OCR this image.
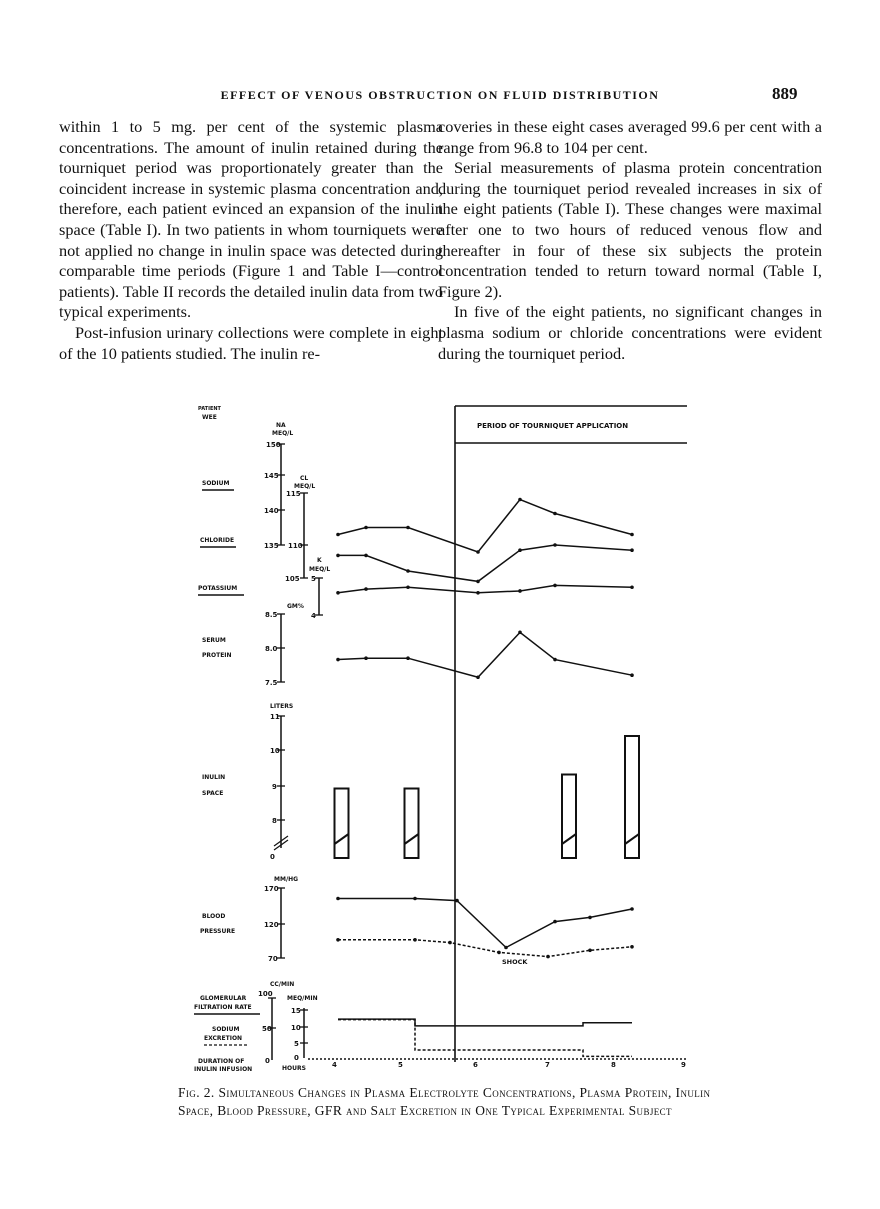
EFFECT OF VENOUS OBSTRUCTION ON FLUID DISTRIBUTION	889

within 1 to 5 mg. per cent of the systemic plasma concentrations. The amount of inulin retained during the tourniquet period was proportionately greater than the coincident increase in systemic plasma concentration and, therefore, each patient evinced an expansion of the inulin space (Table I). In two patients in whom tourniquets were not applied no change in inulin space was detected during comparable time periods (Figure 1 and Table I—control patients). Table II records the detailed inulin data from two typical experiments.

Post-infusion urinary collections were complete in eight of the 10 patients studied. The inulin re-

coveries in these eight cases averaged 99.6 per cent with a range from 96.8 to 104 per cent.

Serial measurements of plasma protein concentration during the tourniquet period revealed increases in six of the eight patients (Table I). These changes were maximal after one to two hours of reduced venous flow and thereafter in four of these six subjects the protein concentration tended to return toward normal (Table I, Figure 2).

In five of the eight patients, no significant changes in plasma sodium or chloride concentrations were evident during the tourniquet period.

PERIOD OF TOURNIQUET APPLICATION
PATIENT
WEE
SODIUM
CHLORIDE
POTASSIUM
SERUM
PROTEIN
INULIN
SPACE
BLOOD
PRESSURE
GLOMERULAR
FILTRATION RATE
SODIUM
EXCRETION
DURATION OF
INULIN INFUSION
NA
MEQ/L
CL
MEQ/L
K
MEQ/L
GM%
LITERS
MM/HG
CC/MIN
MEQ/MIN
HOURS
150
145
140
135
115
110
105 5
4
8.5
8.0
7.5
11
10
9
8
0
170
120
70
100
50
0
15
10
5
0
4	5	6	7	8	9
SHOCK
Fig. 2. Simultaneous Changes in Plasma Electrolyte Concentrations, Plasma Protein, Inulin Space, Blood Pressure, GFR and Salt Excretion in One Typical Experimental Subject
